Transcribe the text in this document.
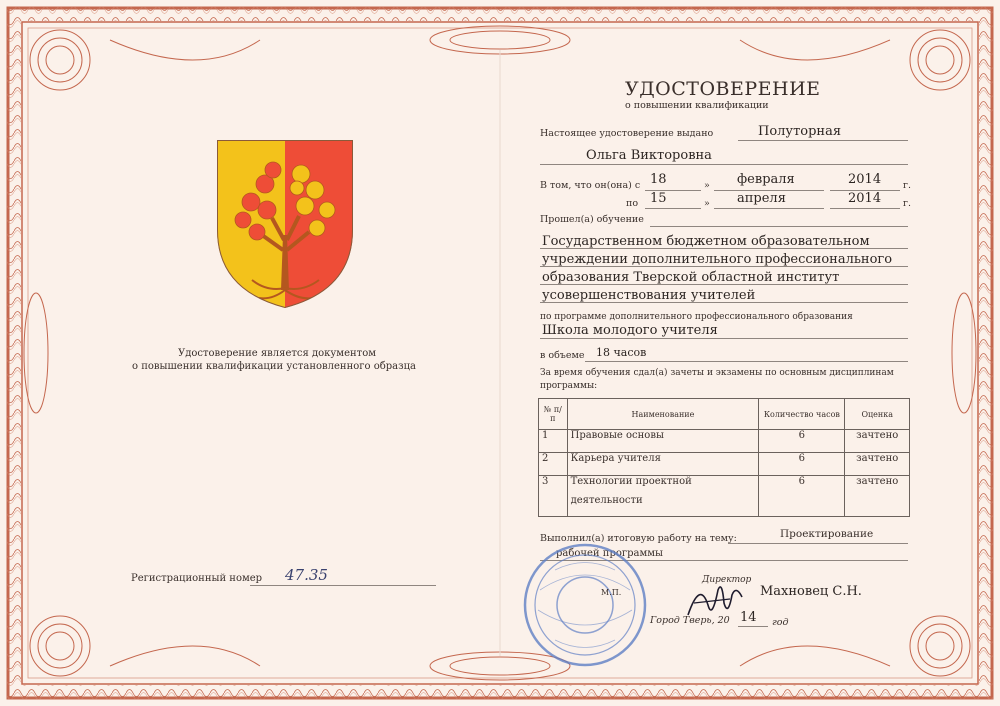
Удостоверение является документом
о повышении квалификации установленного образца
Регистрационный номер 47.35
УДОСТОВЕРЕНИЕ
о повышении квалификации
Настоящее удостоверение выдано	Полуторная
Ольга Викторовна
В том, что он(она) с 18	» февраля	2014 г.
по 15	» апреля	2014 г.
Прошел(а) обучение
Государственном бюджетном образовательном
учреждении дополнительного профессионального
образования Тверской областной институт
усовершенствования учителей
по программе дополнительного профессионального образования
Школа молодого учителя
в объеме 18 часов
За время обучения сдал(а) зачеты и экзамены по основным дисциплинам
программы:
№ п/п	Наименование	Количество часов	Оценка
1	Правовые основы	6	зачтено
2	Карьера учителя	6	зачтено
3	Технологии проектной
деятельности	6	зачтено
Выполнил(а) итоговую работу на тему:	Проектирование
рабочей программы
М.П.
Директор
Махновец С.Н.
Город Тверь, 20 14 год
